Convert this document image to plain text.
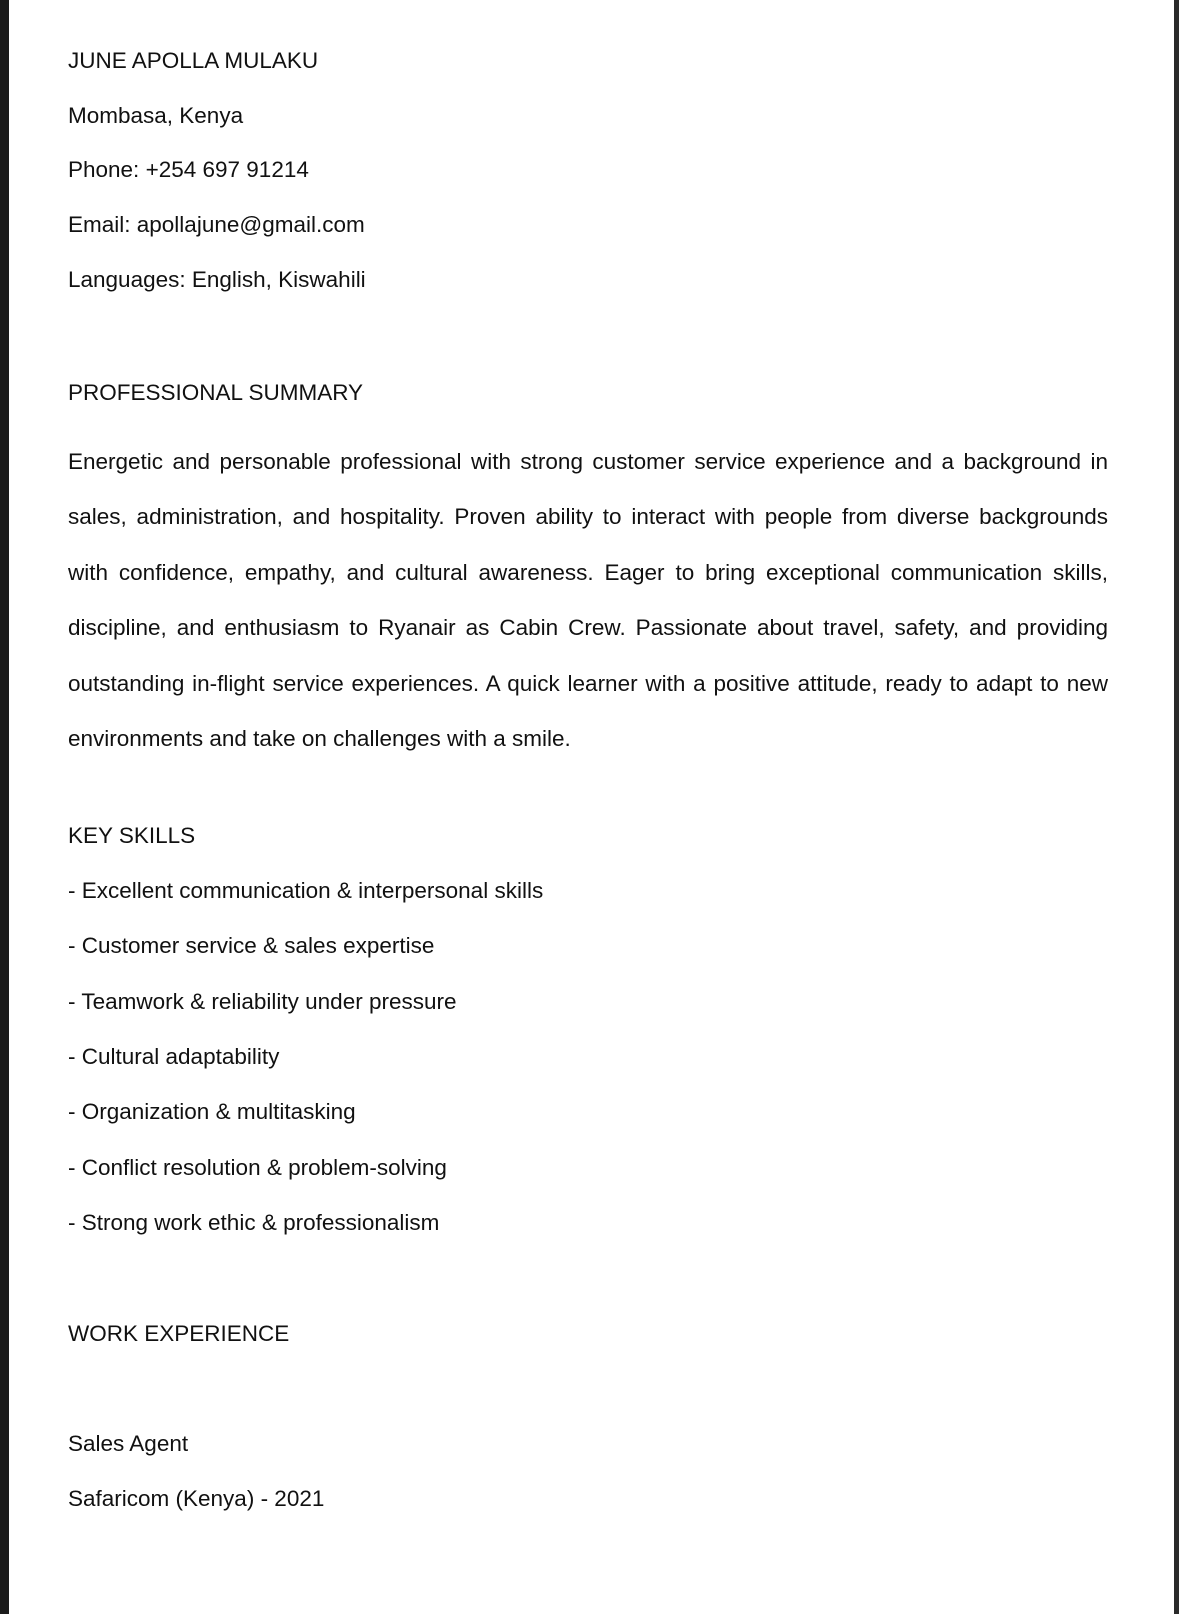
JUNE APOLLA MULAKU
Mombasa, Kenya
Phone: +254 697 91214
Email: apollajune@gmail.com
Languages: English, Kiswahili
PROFESSIONAL SUMMARY
Energetic and personable professional with strong customer service experience and a background in sales, administration, and hospitality. Proven ability to interact with people from diverse backgrounds with confidence, empathy, and cultural awareness. Eager to bring exceptional communication skills, discipline, and enthusiasm to Ryanair as Cabin Crew. Passionate about travel, safety, and providing outstanding in-flight service experiences. A quick learner with a positive attitude, ready to adapt to new environments and take on challenges with a smile.
KEY SKILLS
- Excellent communication & interpersonal skills
- Customer service & sales expertise
- Teamwork & reliability under pressure
- Cultural adaptability
- Organization & multitasking
- Conflict resolution & problem-solving
- Strong work ethic & professionalism
WORK EXPERIENCE
Sales Agent
Safaricom (Kenya) - 2021
